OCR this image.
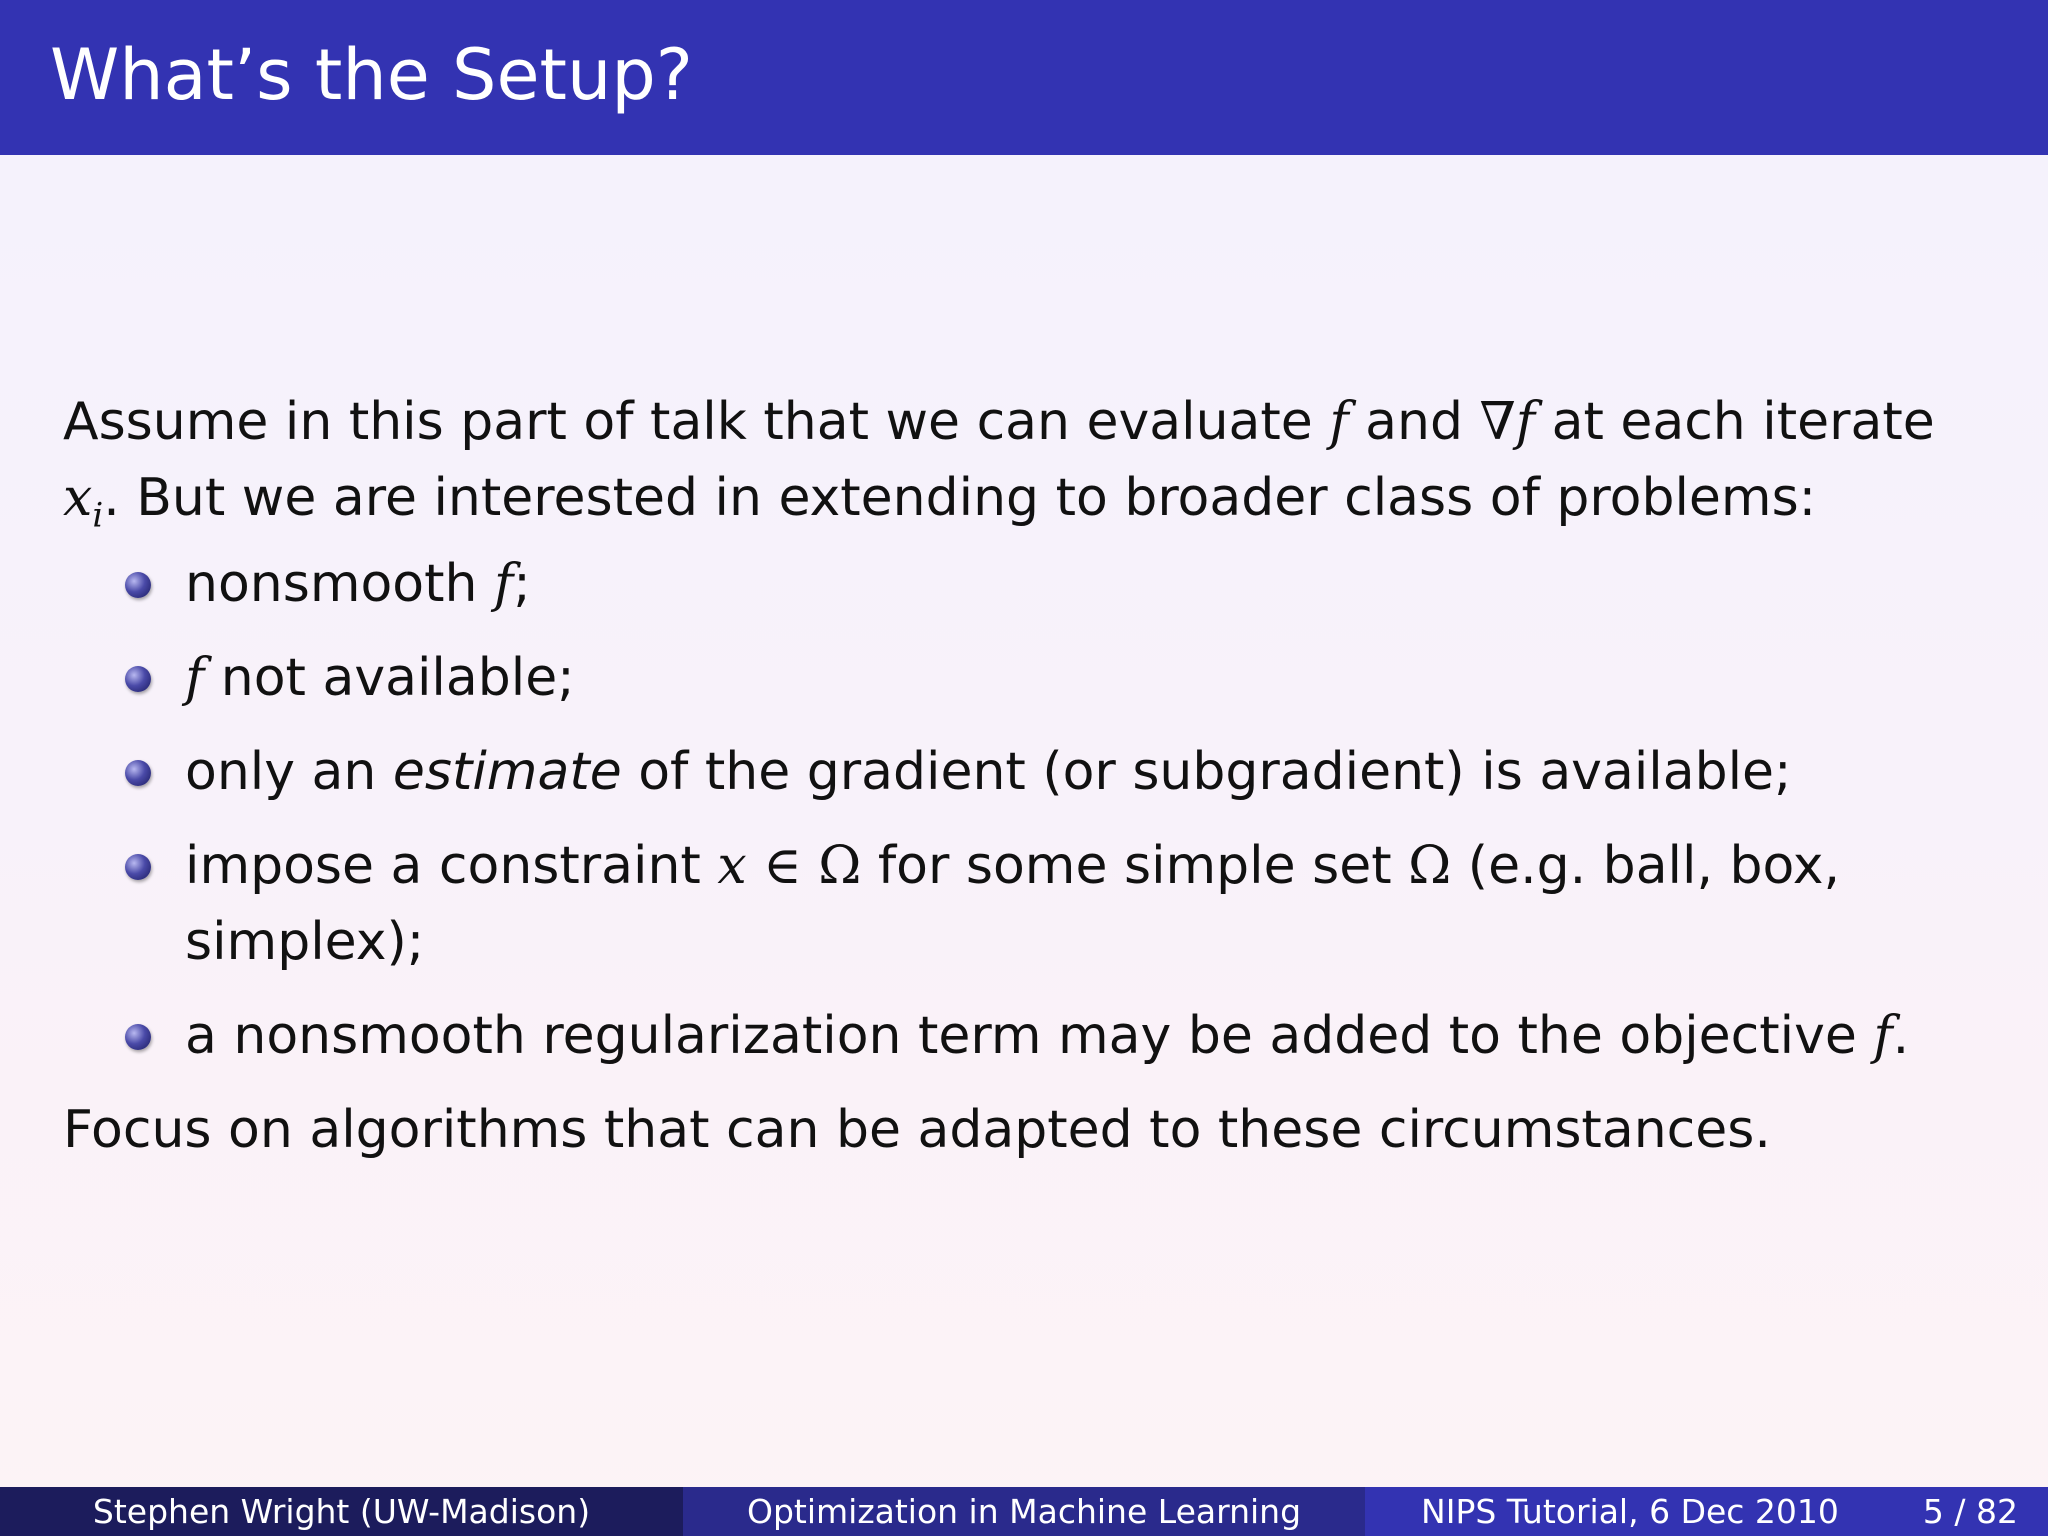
What’s the Setup?

Assume in this part of talk that we can evaluate f and ∇f at each iterate
$x_i$. But we are interested in extending to broader class of problems:

nonsmooth f;
f not available;
only an estimate of the gradient (or subgradient) is available;
impose a constraint x ∈ Ω for some simple set Ω (e.g. ball, box, simplex);
a nonsmooth regularization term may be added to the objective f.

Focus on algorithms that can be adapted to these circumstances.

Stephen Wright (UW-Madison)	Optimization in Machine Learning	NIPS Tutorial, 6 Dec 2010	5 / 82
